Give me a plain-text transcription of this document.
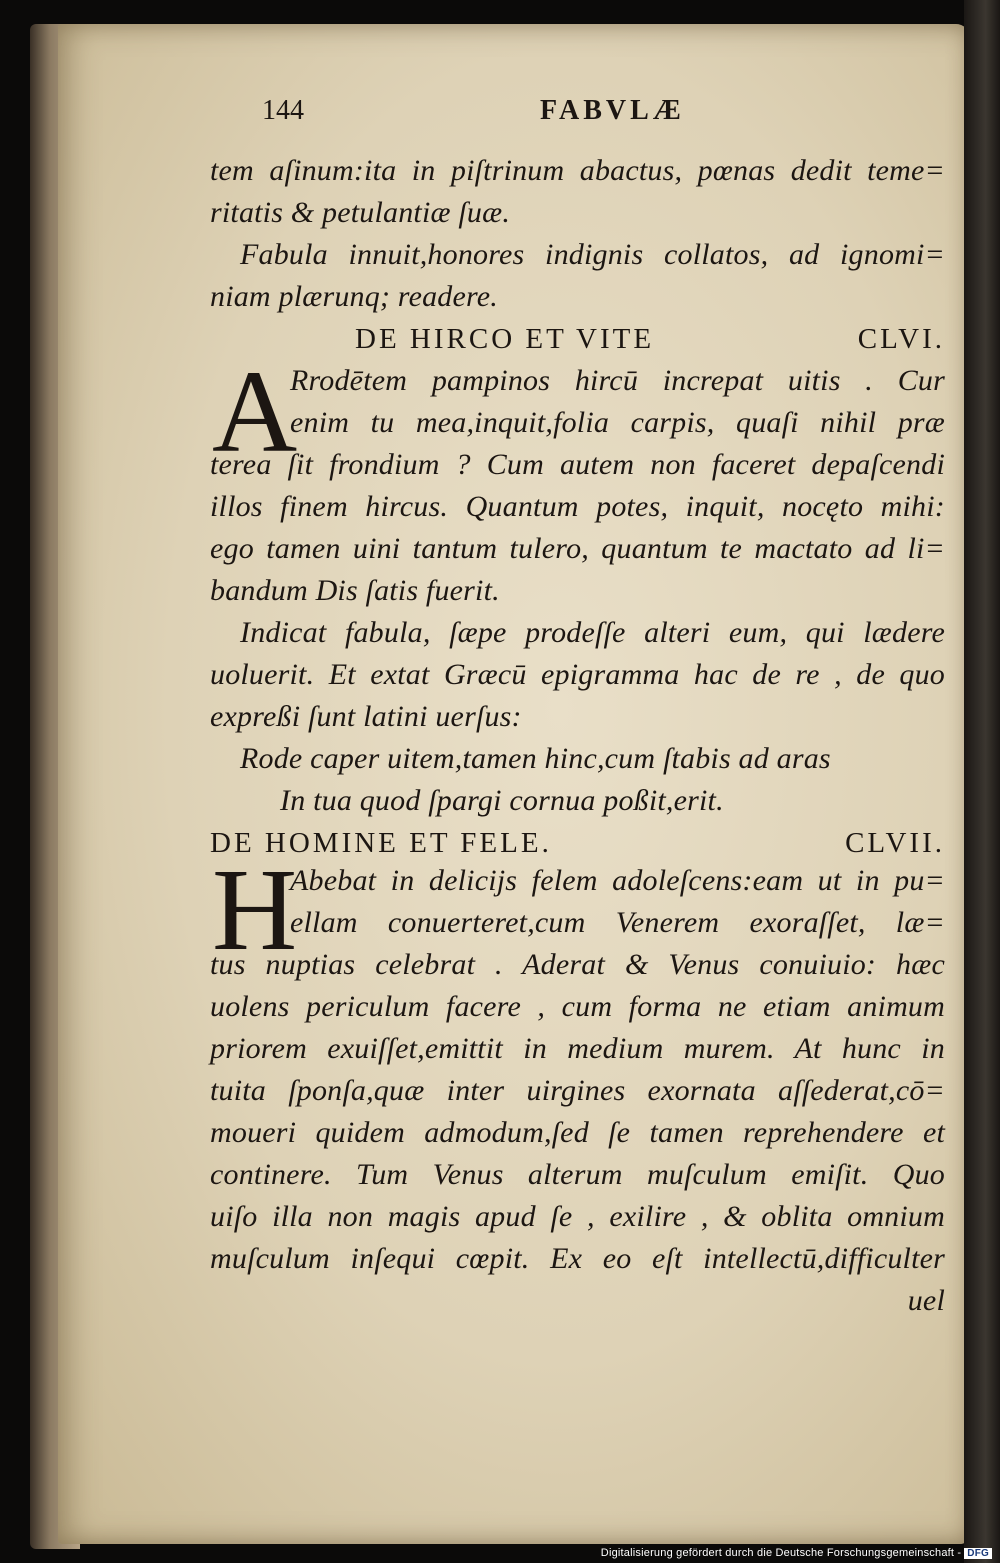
144	FABVLÆ
tem aſinum:ita in piſtrinum abactus, pœnas dedit teme=
ritatis & petulantiæ ſuæ.
Fabula innuit,honores indignis collatos, ad ignomi=
niam plærunq; readere.
DE HIRCO ET VITE	CLVI.
A
Rrodētem pampinos hircū increpat uitis . Cur
enim tu mea,inquit,folia carpis, quaſi nihil præ
terea ſit frondium ? Cum autem non faceret depaſcendi
illos finem hircus. Quantum potes, inquit, nocęto mihi:
ego tamen uini tantum tulero, quantum te mactato ad li=
bandum Dis ſatis fuerit.
Indicat fabula, ſæpe prodeſſe alteri eum, qui lædere
uoluerit. Et extat Græcū epigramma hac de re , de quo
expreßi ſunt latini uerſus:
Rode caper uitem,tamen hinc,cum ſtabis ad aras
In tua quod ſpargi cornua poßit,erit.
DE HOMINE ET FELE.	CLVII.
H
Abebat in delicijs felem adoleſcens:eam ut in pu=
ellam conuerteret,cum Venerem exoraſſet, læ=
tus nuptias celebrat . Aderat & Venus conuiuio: hæc
uolens periculum facere , cum forma ne etiam animum
priorem exuiſſet,emittit in medium murem. At hunc in
tuita ſponſa,quæ inter uirgines exornata aſſederat,cō=
moueri quidem admodum,ſed ſe tamen reprehendere et
continere. Tum Venus alterum muſculum emiſit. Quo
uiſo illa non magis apud ſe , exilire , & oblita omnium
muſculum inſequi cœpit. Ex eo eſt intellectū,difficulter
uel
Digitalisierung gefördert durch die Deutsche Forschungsgemeinschaft - DFG
